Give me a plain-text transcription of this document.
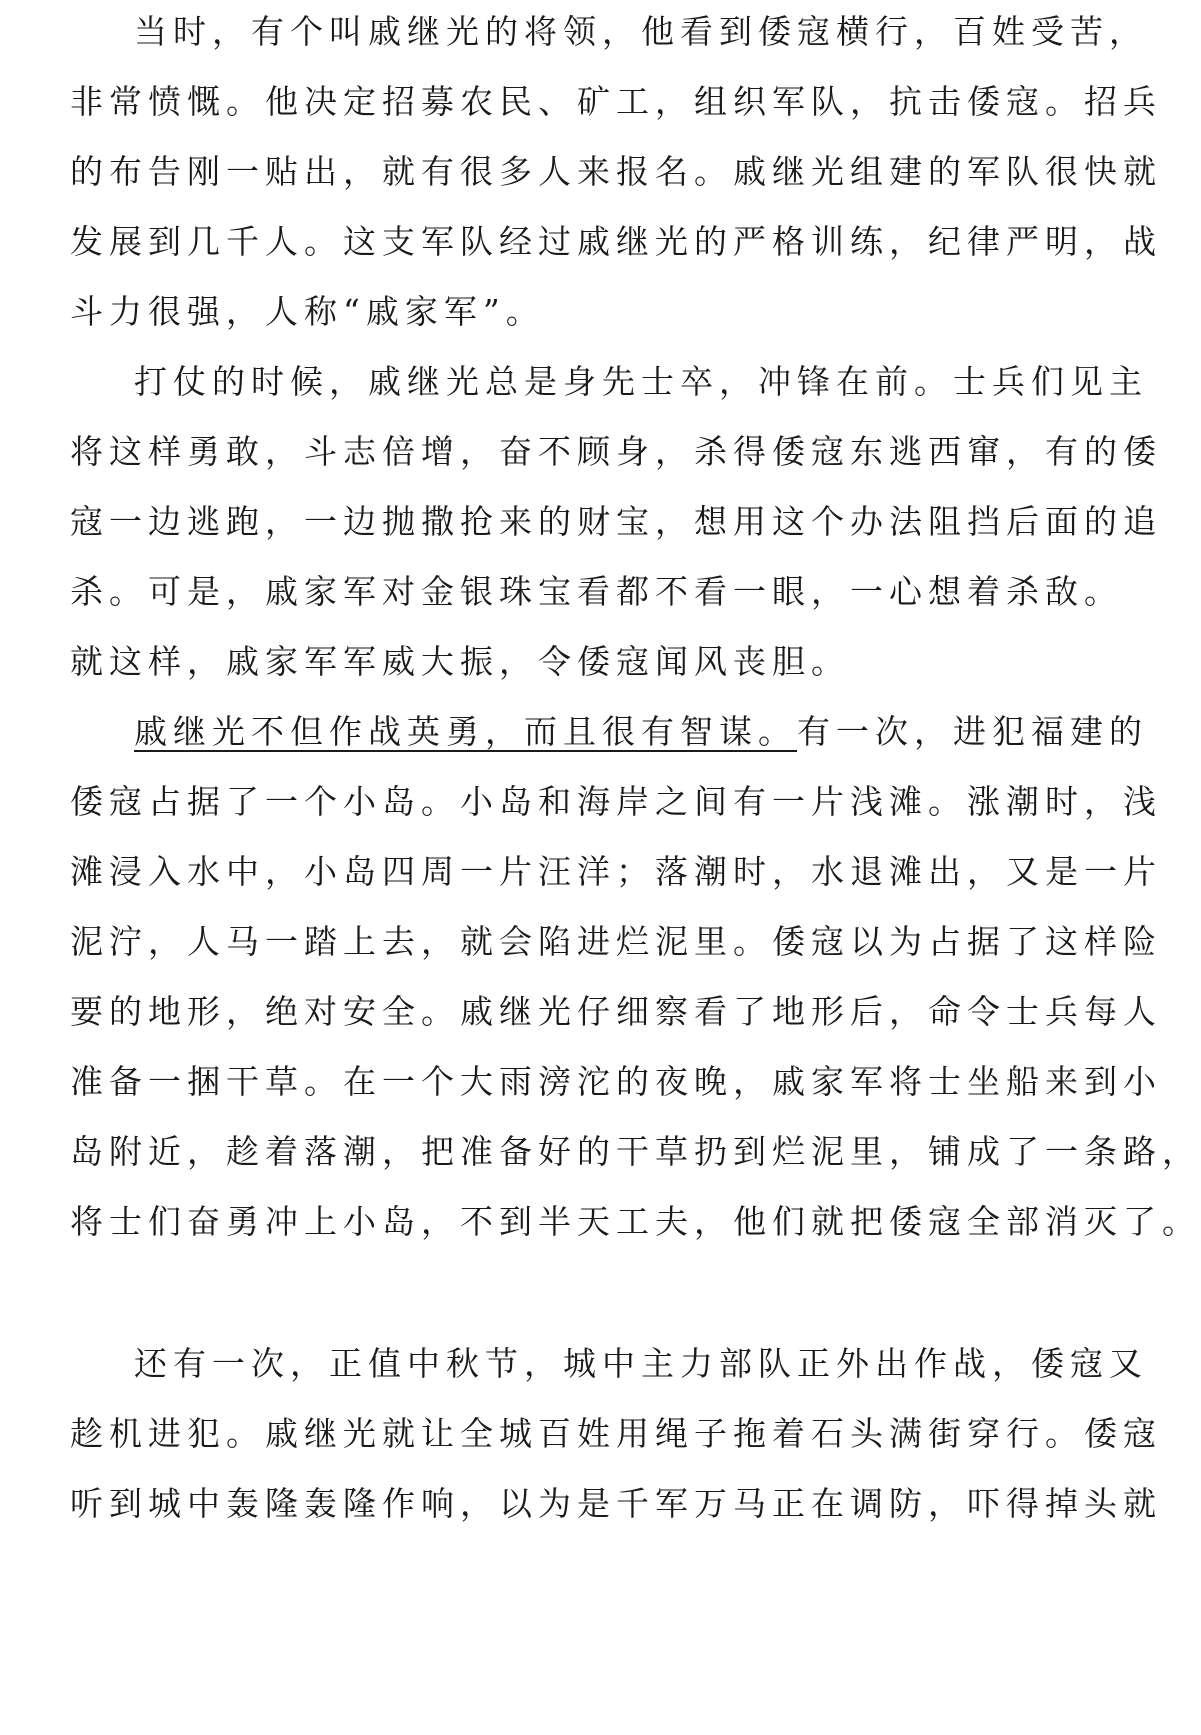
当时，有个叫戚继光的将领，他看到倭寇横行，百姓受苦，
非常愤慨。他决定招募农民、矿工，组织军队，抗击倭寇。招兵
的布告刚一贴出，就有很多人来报名。戚继光组建的军队很快就
发展到几千人。这支军队经过戚继光的严格训练，纪律严明，战
斗力很强，人称“戚家军”。
打仗的时候，戚继光总是身先士卒，冲锋在前。士兵们见主
将这样勇敢，斗志倍增，奋不顾身，杀得倭寇东逃西窜，有的倭
寇一边逃跑，一边抛撒抢来的财宝，想用这个办法阻挡后面的追
杀。可是，戚家军对金银珠宝看都不看一眼，一心想着杀敌。
就这样，戚家军军威大振，令倭寇闻风丧胆。
戚继光不但作战英勇，而且很有智谋。有一次，进犯福建的
倭寇占据了一个小岛。小岛和海岸之间有一片浅滩。涨潮时，浅
滩浸入水中，小岛四周一片汪洋；落潮时，水退滩出，又是一片
泥泞，人马一踏上去，就会陷进烂泥里。倭寇以为占据了这样险
要的地形，绝对安全。戚继光仔细察看了地形后，命令士兵每人
准备一捆干草。在一个大雨滂沱的夜晚，戚家军将士坐船来到小
岛附近，趁着落潮，把准备好的干草扔到烂泥里，铺成了一条路，
将士们奋勇冲上小岛，不到半天工夫，他们就把倭寇全部消灭了。
还有一次，正值中秋节，城中主力部队正外出作战，倭寇又
趁机进犯。戚继光就让全城百姓用绳子拖着石头满街穿行。倭寇
听到城中轰隆轰隆作响，以为是千军万马正在调防，吓得掉头就
